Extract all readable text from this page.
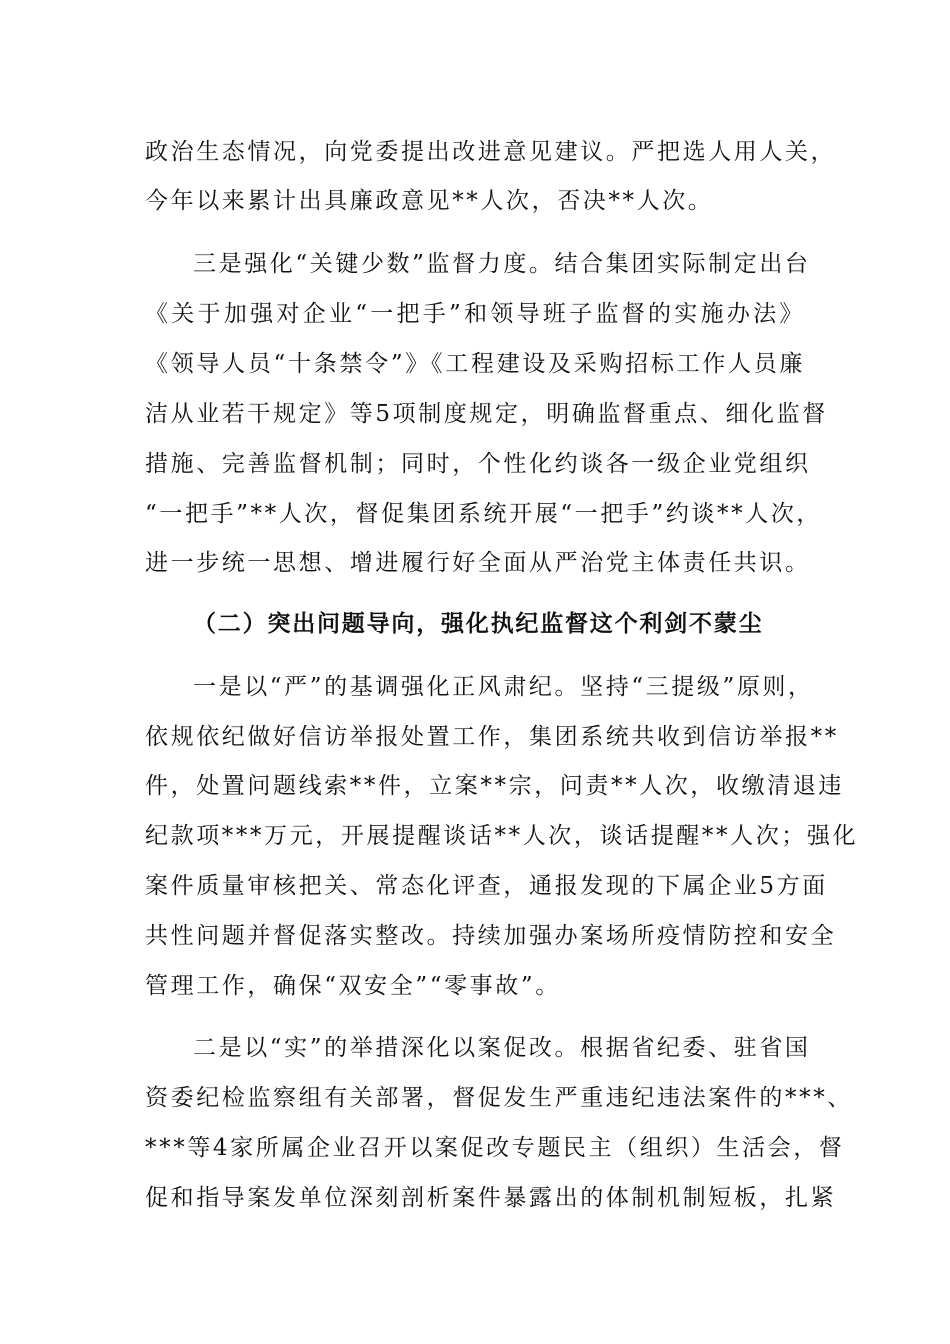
政治生态情况，向党委提出改进意见建议。严把选人用人关，
今年以来累计出具廉政意见**人次，否决**人次。
三是强化“关键少数”监督力度。结合集团实际制定出台
《关于加强对企业“一把手”和领导班子监督的实施办法》
《领导人员“十条禁令”》《工程建设及采购招标工作人员廉
洁从业若干规定》等5项制度规定，明确监督重点、细化监督
措施、完善监督机制；同时，个性化约谈各一级企业党组织
“一把手”**人次，督促集团系统开展“一把手”约谈**人次，
进一步统一思想、增进履行好全面从严治党主体责任共识。
（二）突出问题导向，强化执纪监督这个利剑不蒙尘
一是以“严”的基调强化正风肃纪。坚持“三提级”原则，
依规依纪做好信访举报处置工作，集团系统共收到信访举报**
件，处置问题线索**件，立案**宗，问责**人次，收缴清退违
纪款项***万元，开展提醒谈话**人次，谈话提醒**人次；强化
案件质量审核把关、常态化评查，通报发现的下属企业5方面
共性问题并督促落实整改。持续加强办案场所疫情防控和安全
管理工作，确保“双安全”“零事故”。
二是以“实”的举措深化以案促改。根据省纪委、驻省国
资委纪检监察组有关部署，督促发生严重违纪违法案件的***、
***等4家所属企业召开以案促改专题民主（组织）生活会，督
促和指导案发单位深刻剖析案件暴露出的体制机制短板，扎紧
